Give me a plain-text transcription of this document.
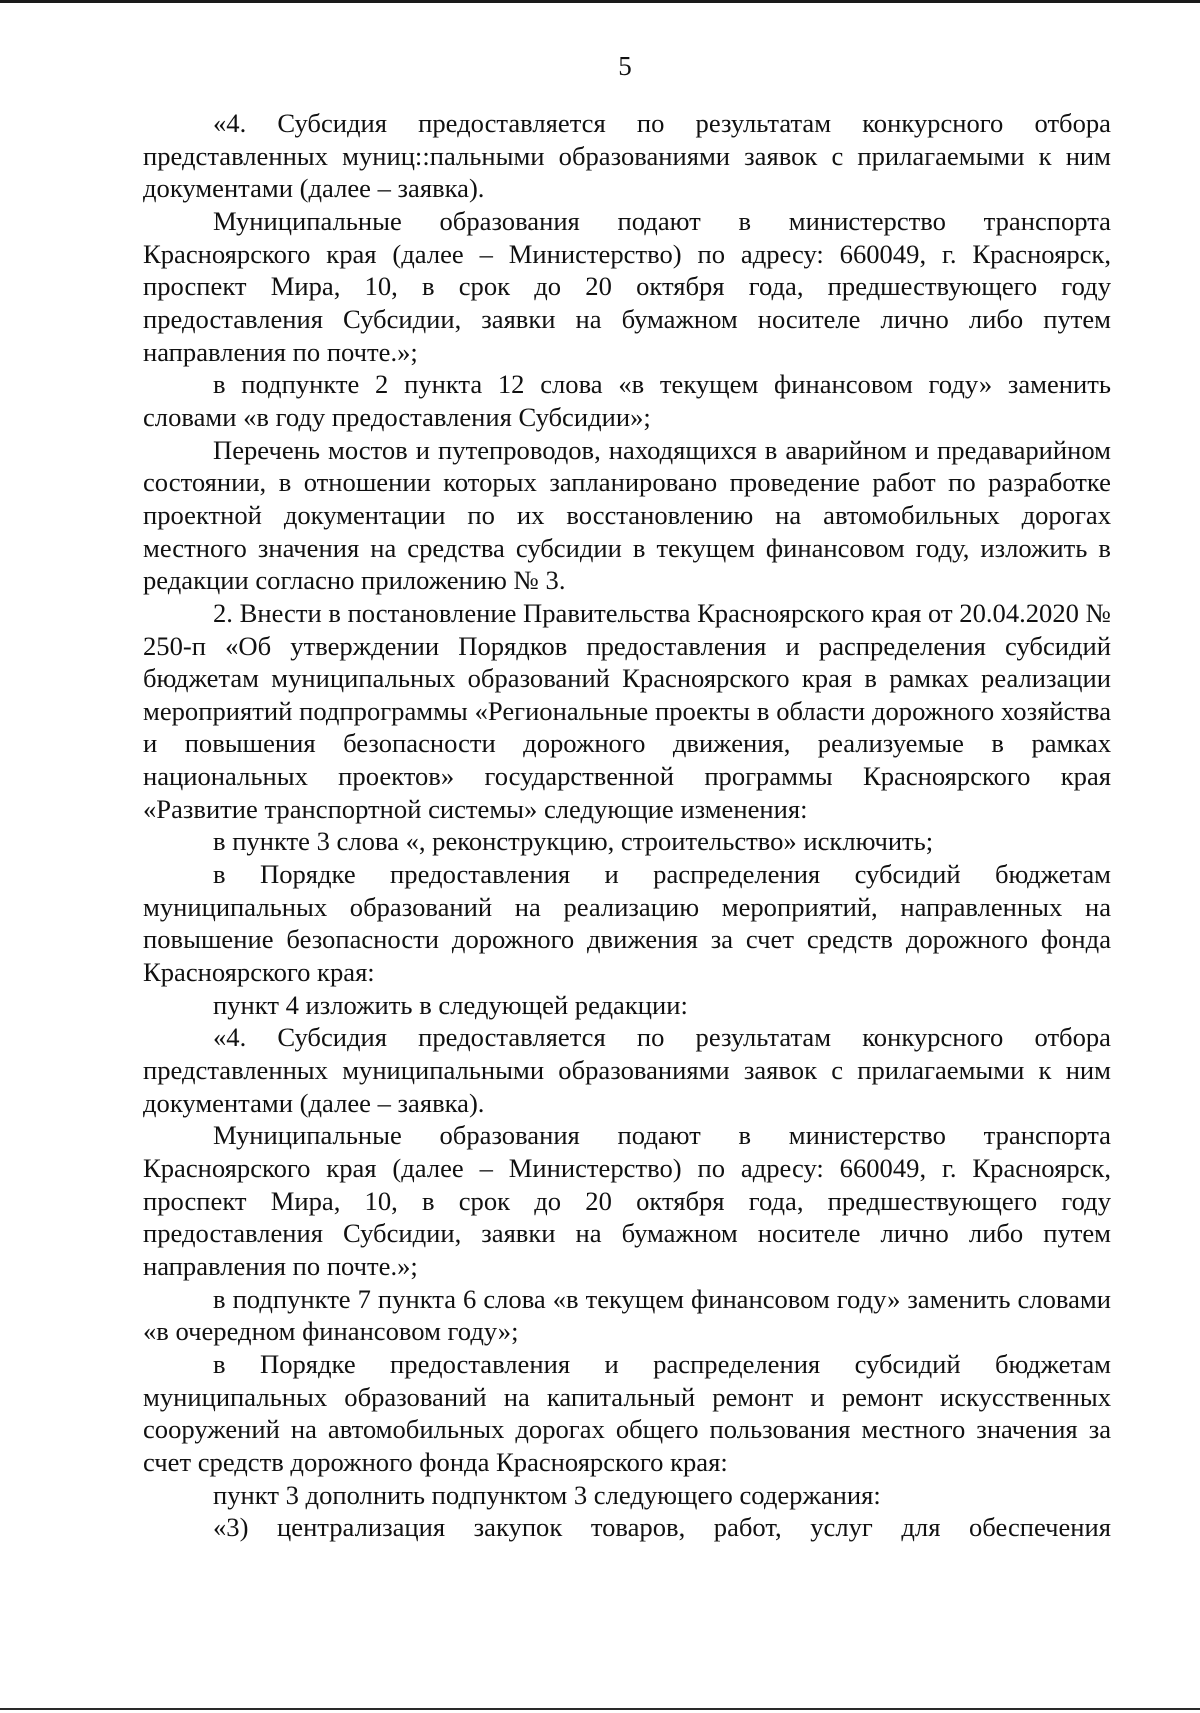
5

«4. Субсидия предоставляется по результатам конкурсного отбора представленных муниц::пальными образованиями заявок с прилагаемыми к ним документами (далее – заявка).

Муниципальные образования подают в министерство транспорта Красноярского края (далее – Министерство) по адресу: 660049, г. Красноярск, проспект Мира, 10, в срок до 20 октября года, предшествующего году предоставления Субсидии, заявки на бумажном носителе лично либо путем направления по почте.»;

в подпункте 2 пункта 12 слова «в текущем финансовом году» заменить словами «в году предоставления Субсидии»;

Перечень мостов и путепроводов, находящихся в аварийном и предаварийном состоянии, в отношении которых запланировано проведение работ по разработке проектной документации по их восстановлению на автомобильных дорогах местного значения на средства субсидии в текущем финансовом году, изложить в редакции согласно приложению № 3.

2. Внести в постановление Правительства Красноярского края от 20.04.2020 № 250-п «Об утверждении Порядков предоставления и распределения субсидий бюджетам муниципальных образований Красноярского края в рамках реализации мероприятий подпрограммы «Региональные проекты в области дорожного хозяйства и повышения безопасности дорожного движения, реализуемые в рамках национальных проектов» государственной программы Красноярского края «Развитие транспортной системы» следующие изменения:

в пункте 3 слова «, реконструкцию, строительство» исключить;

в Порядке предоставления и распределения субсидий бюджетам муниципальных образований на реализацию мероприятий, направленных на повышение безопасности дорожного движения за счет средств дорожного фонда Красноярского края:

пункт 4 изложить в следующей редакции:

«4. Субсидия предоставляется по результатам конкурсного отбора представленных муниципальными образованиями заявок с прилагаемыми к ним документами (далее – заявка).

Муниципальные образования подают в министерство транспорта Красноярского края (далее – Министерство) по адресу: 660049, г. Красноярск, проспект Мира, 10, в срок до 20 октября года, предшествующего году предоставления Субсидии, заявки на бумажном носителе лично либо путем направления по почте.»;

в подпункте 7 пункта 6 слова «в текущем финансовом году» заменить словами «в очередном финансовом году»;

в Порядке предоставления и распределения субсидий бюджетам муниципальных образований на капитальный ремонт и ремонт искусственных сооружений на автомобильных дорогах общего пользования местного значения за счет средств дорожного фонда Красноярского края:

пункт 3 дополнить подпунктом 3 следующего содержания:

«3) централизация закупок товаров, работ, услуг для обеспечения
